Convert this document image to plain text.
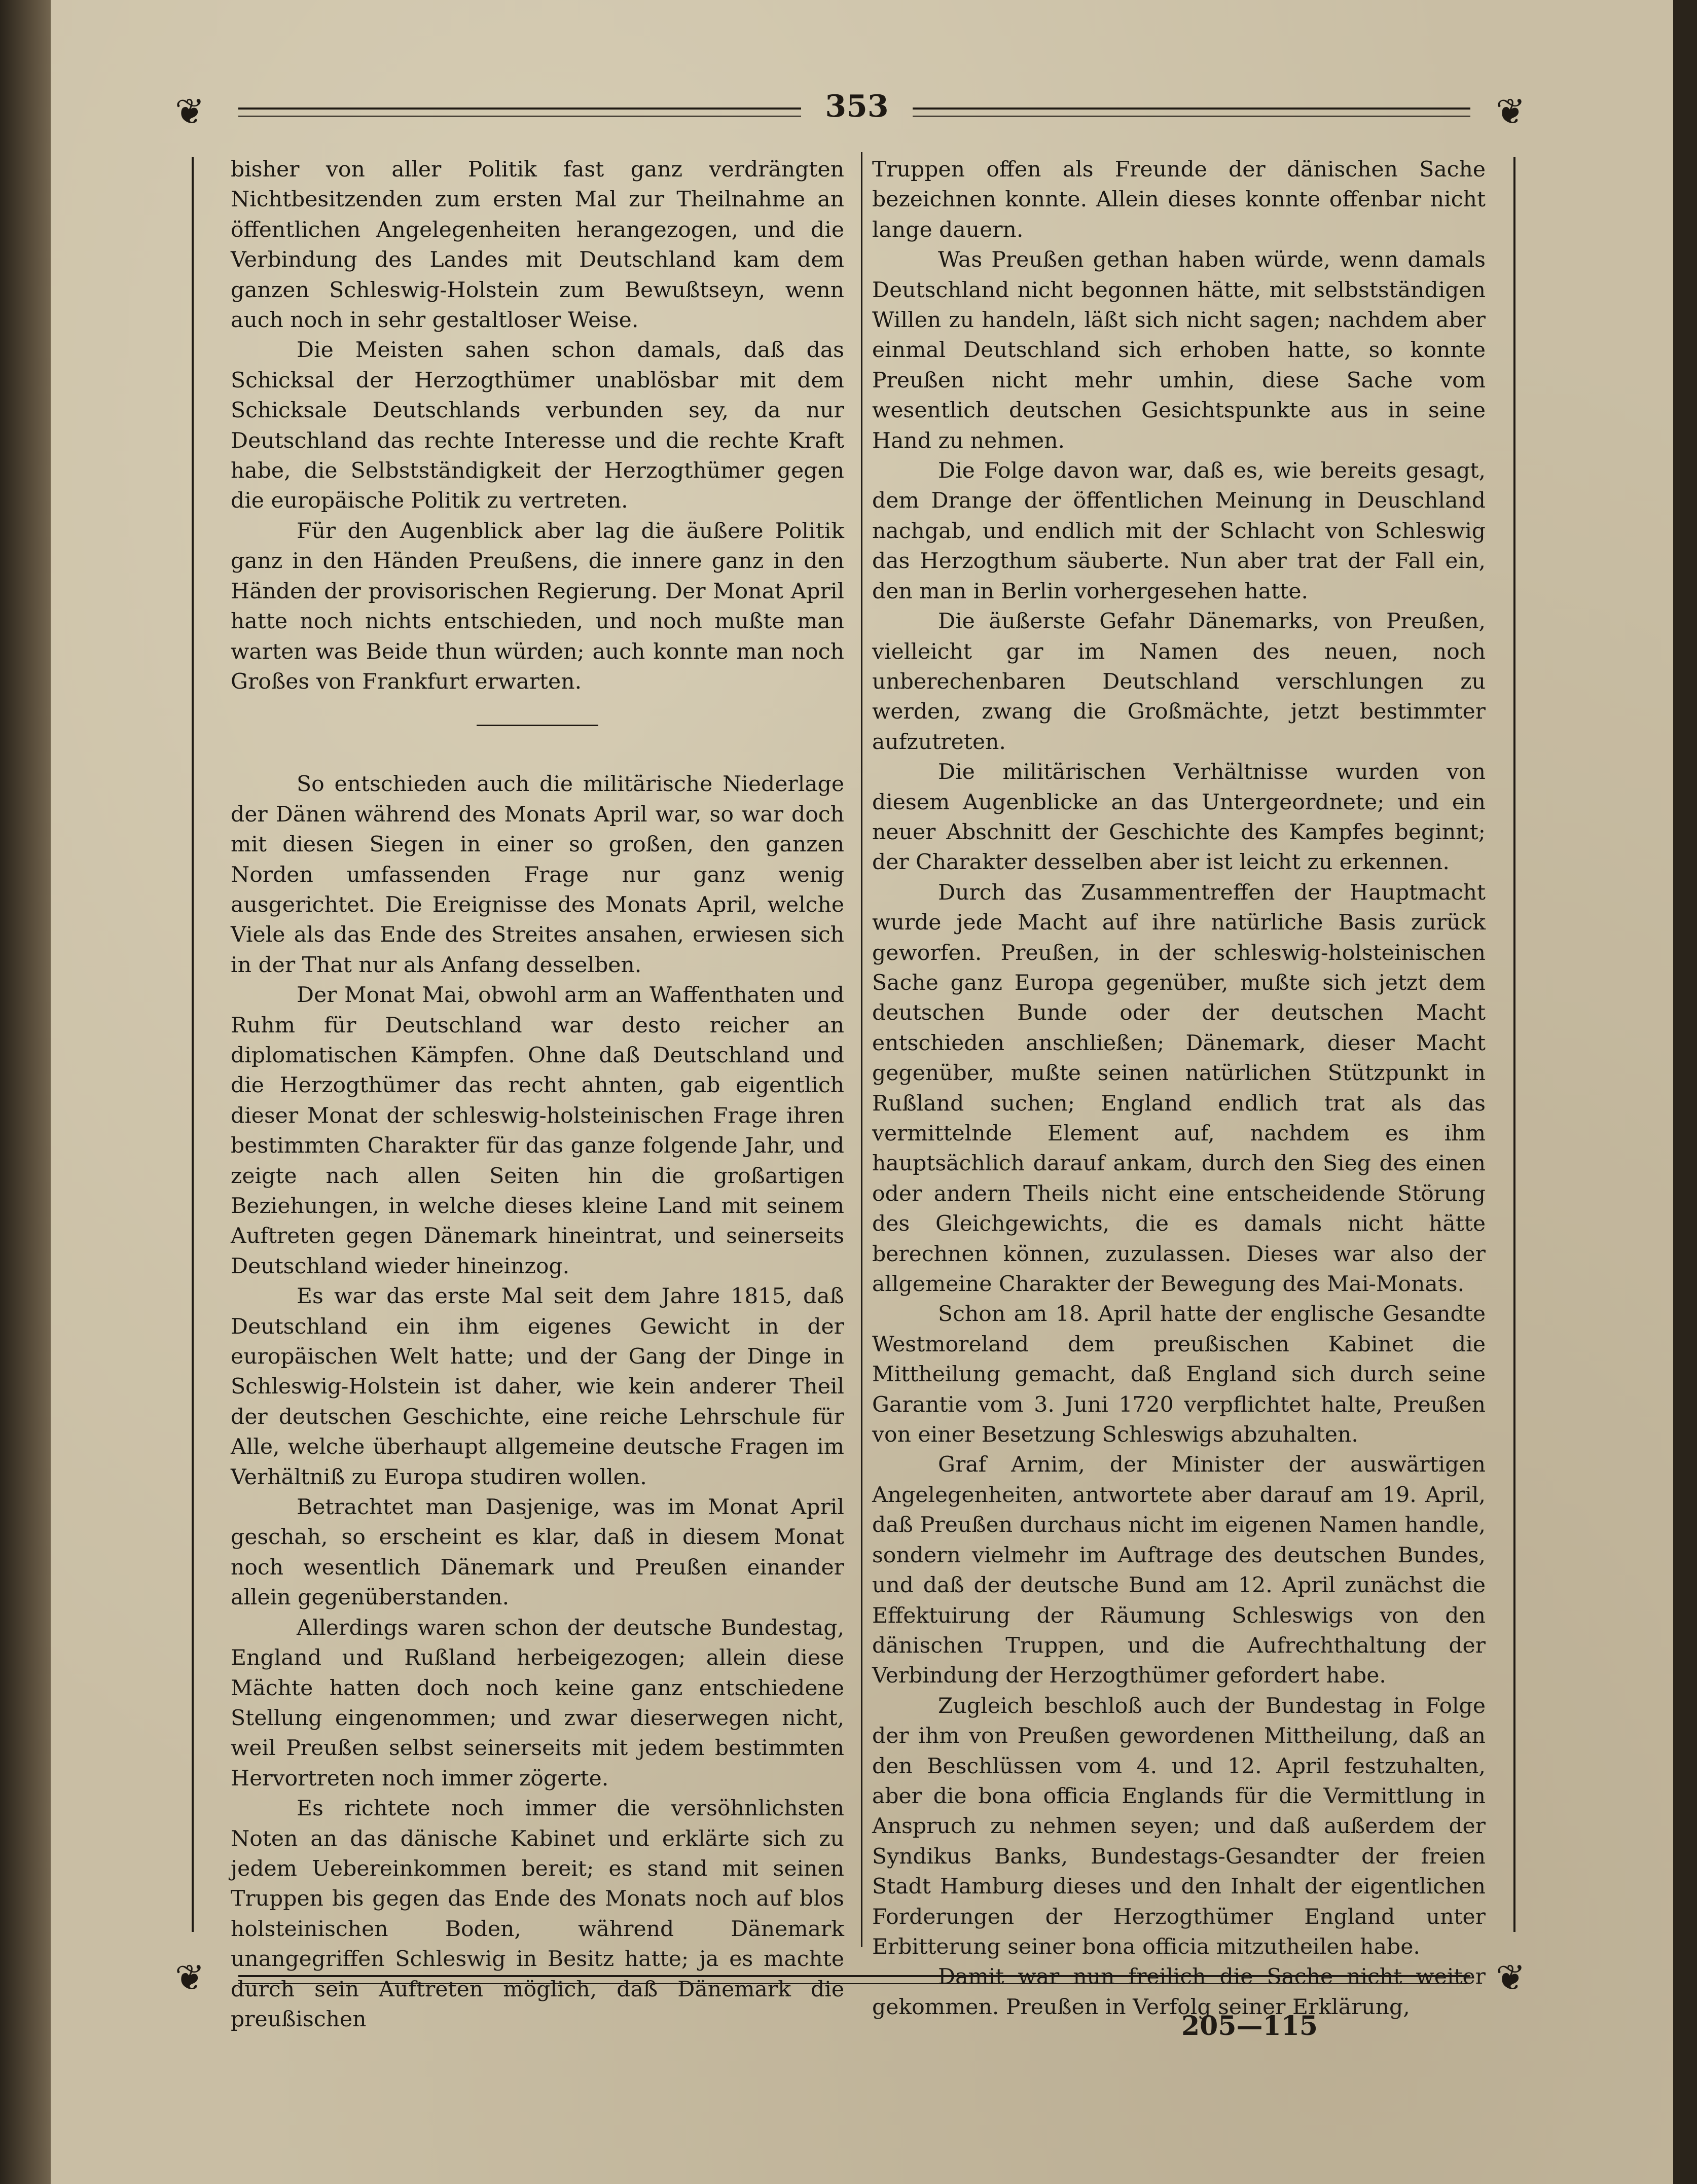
❦	❦
❦	❦
353

bisher von aller Politik fast ganz verdrängten Nichtbesitzenden zum ersten Mal zur Theilnahme an öffentlichen Angelegenheiten herangezogen, und die Verbindung des Landes mit Deutschland kam dem ganzen Schleswig-Holstein zum Bewußtseyn, wenn auch noch in sehr gestaltloser Weise.

Die Meisten sahen schon damals, daß das Schicksal der Herzogthümer unablösbar mit dem Schicksale Deutschlands verbunden sey, da nur Deutschland das rechte Interesse und die rechte Kraft habe, die Selbstständigkeit der Herzogthümer gegen die europäische Politik zu vertreten.

Für den Augenblick aber lag die äußere Politik ganz in den Händen Preußens, die innere ganz in den Händen der provisorischen Regierung. Der Monat April hatte noch nichts entschieden, und noch mußte man warten was Beide thun würden; auch konnte man noch Großes von Frankfurt erwarten.

So entschieden auch die militärische Niederlage der Dänen während des Monats April war, so war doch mit diesen Siegen in einer so großen, den ganzen Norden umfassenden Frage nur ganz wenig ausgerichtet. Die Ereignisse des Monats April, welche Viele als das Ende des Streites ansahen, erwiesen sich in der That nur als Anfang desselben.

Der Monat Mai, obwohl arm an Waffenthaten und Ruhm für Deutschland war desto reicher an diplomatischen Kämpfen. Ohne daß Deutschland und die Herzogthümer das recht ahnten, gab eigentlich dieser Monat der schleswig-holsteinischen Frage ihren bestimmten Charakter für das ganze folgende Jahr, und zeigte nach allen Seiten hin die großartigen Beziehungen, in welche dieses kleine Land mit seinem Auftreten gegen Dänemark hineintrat, und seinerseits Deutschland wieder hineinzog.

Es war das erste Mal seit dem Jahre 1815, daß Deutschland ein ihm eigenes Gewicht in der europäischen Welt hatte; und der Gang der Dinge in Schleswig-Holstein ist daher, wie kein anderer Theil der deutschen Geschichte, eine reiche Lehrschule für Alle, welche überhaupt allgemeine deutsche Fragen im Verhältniß zu Europa studiren wollen.

Betrachtet man Dasjenige, was im Monat April geschah, so erscheint es klar, daß in diesem Monat noch wesentlich Dänemark und Preußen einander allein gegenüberstanden.

Allerdings waren schon der deutsche Bundestag, England und Rußland herbeigezogen; allein diese Mächte hatten doch noch keine ganz entschiedene Stellung eingenommen; und zwar dieserwegen nicht, weil Preußen selbst seinerseits mit jedem bestimmten Hervortreten noch immer zögerte.

Es richtete noch immer die versöhnlichsten Noten an das dänische Kabinet und erklärte sich zu jedem Uebereinkommen bereit; es stand mit seinen Truppen bis gegen das Ende des Monats noch auf blos holsteinischen Boden, während Dänemark unangegriffen Schleswig in Besitz hatte; ja es machte durch sein Auftreten möglich, daß Dänemark die preußischen

Truppen offen als Freunde der dänischen Sache bezeichnen konnte. Allein dieses konnte offenbar nicht lange dauern.

Was Preußen gethan haben würde, wenn damals Deutschland nicht begonnen hätte, mit selbstständigen Willen zu handeln, läßt sich nicht sagen; nachdem aber einmal Deutschland sich erhoben hatte, so konnte Preußen nicht mehr umhin, diese Sache vom wesentlich deutschen Gesichtspunkte aus in seine Hand zu nehmen.

Die Folge davon war, daß es, wie bereits gesagt, dem Drange der öffentlichen Meinung in Deuschland nachgab, und endlich mit der Schlacht von Schleswig das Herzogthum säuberte. Nun aber trat der Fall ein, den man in Berlin vorhergesehen hatte.

Die äußerste Gefahr Dänemarks, von Preußen, vielleicht gar im Namen des neuen, noch unberechenbaren Deutschland verschlungen zu werden, zwang die Großmächte, jetzt bestimmter aufzutreten.

Die militärischen Verhältnisse wurden von diesem Augenblicke an das Untergeordnete; und ein neuer Abschnitt der Geschichte des Kampfes beginnt; der Charakter desselben aber ist leicht zu erkennen.

Durch das Zusammentreffen der Hauptmacht wurde jede Macht auf ihre natürliche Basis zurück geworfen. Preußen, in der schleswig-holsteinischen Sache ganz Europa gegenüber, mußte sich jetzt dem deutschen Bunde oder der deutschen Macht entschieden anschließen; Dänemark, dieser Macht gegenüber, mußte seinen natürlichen Stützpunkt in Rußland suchen; England endlich trat als das vermittelnde Element auf, nachdem es ihm hauptsächlich darauf ankam, durch den Sieg des einen oder andern Theils nicht eine entscheidende Störung des Gleichgewichts, die es damals nicht hätte berechnen können, zuzulassen. Dieses war also der allgemeine Charakter der Bewegung des Mai-Monats.

Schon am 18. April hatte der englische Gesandte Westmoreland dem preußischen Kabinet die Mittheilung gemacht, daß England sich durch seine Garantie vom 3. Juni 1720 verpflichtet halte, Preußen von einer Besetzung Schleswigs abzuhalten.

Graf Arnim, der Minister der auswärtigen Angelegenheiten, antwortete aber darauf am 19. April, daß Preußen durchaus nicht im eigenen Namen handle, sondern vielmehr im Auftrage des deutschen Bundes, und daß der deutsche Bund am 12. April zunächst die Effektuirung der Räumung Schleswigs von den dänischen Truppen, und die Aufrechthaltung der Verbindung der Herzogthümer gefordert habe.

Zugleich beschloß auch der Bundestag in Folge der ihm von Preußen gewordenen Mittheilung, daß an den Beschlüssen vom 4. und 12. April festzuhalten, aber die bona officia Englands für die Vermittlung in Anspruch zu nehmen seyen; und daß außerdem der Syndikus Banks, Bundestags-Gesandter der freien Stadt Hamburg dieses und den Inhalt der eigentlichen Forderungen der Herzogthümer England unter Erbitterung seiner bona officia mitzutheilen habe.

Damit war nun freilich die Sache nicht weiter gekommen. Preußen in Verfolg seiner Erklärung,

205—115
